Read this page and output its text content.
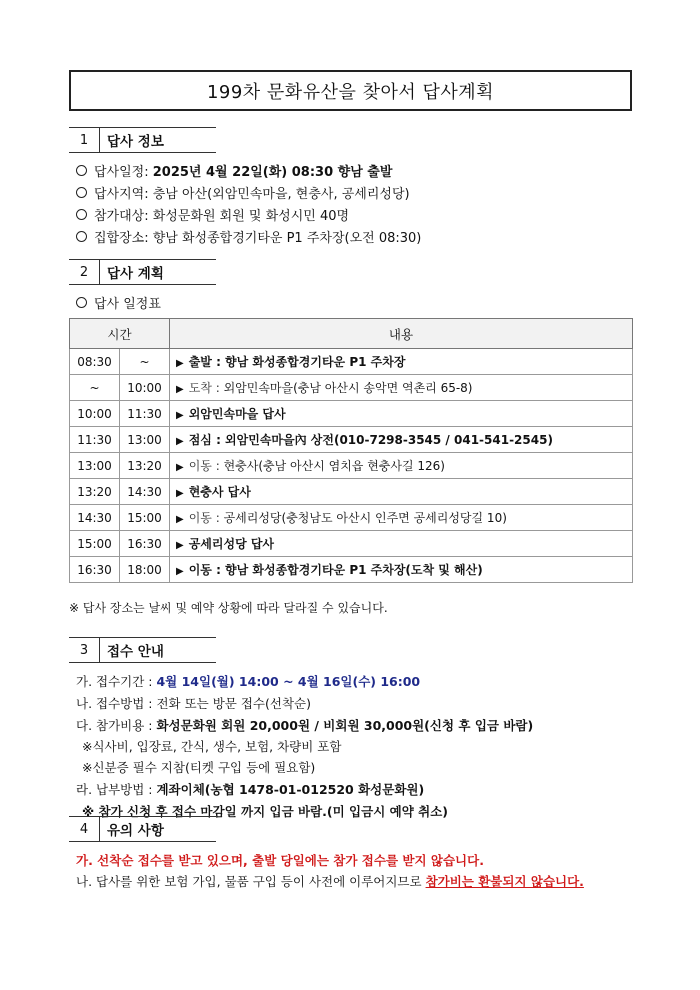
199차 문화유산을 찾아서 답사계획
1	답사 정보
답사일정: 2025년 4월 22일(화) 08:30 향남 출발
답사지역: 충남 아산(외암민속마을, 현충사, 공세리성당)
참가대상: 화성문화원 회원 및 화성시민 40명
집합장소: 향남 화성종합경기타운 P1 주차장(오전 08:30)
2	답사 계획
답사 일정표
시간		내용
08:30	~	▶ 출발 : 향남 화성종합경기타운 P1 주차장
~	10:00	▶ 도착 : 외암민속마을(충남 아산시 송악면 역촌리 65-8)
10:00	11:30	▶ 외암민속마을 답사
11:30	13:00	▶ 점심 : 외암민속마을內 상전(010-7298-3545 / 041-541-2545)
13:00	13:20	▶ 이동 : 현충사(충남 아산시 염치읍 현충사길 126)
13:20	14:30	▶ 현충사 답사
14:30	15:00	▶ 이동 : 공세리성당(충청남도 아산시 인주면 공세리성당길 10)
15:00	16:30	▶ 공세리성당 답사
16:30	18:00	▶ 이동 : 향남 화성종합경기타운 P1 주차장(도착 및 해산)
※ 답사 장소는 날씨 및 예약 상황에 따라 달라질 수 있습니다.
3	접수 안내
가. 접수기간 : 4월 14일(월) 14:00 ~ 4월 16일(수) 16:00
나. 접수방법 : 전화 또는 방문 접수(선착순)
다. 참가비용 : 화성문화원 회원 20,000원 / 비회원 30,000원(신청 후 입금 바람)
※식사비, 입장료, 간식, 생수, 보험, 차량비 포함
※신분증 필수 지참(티켓 구입 등에 필요함)
라. 납부방법 : 계좌이체(농협 1478-01-012520 화성문화원)
※ 참가 신청 후 접수 마감일 까지 입금 바람.(미 입금시 예약 취소)
4	유의 사항
가. 선착순 접수를 받고 있으며, 출발 당일에는 참가 접수를 받지 않습니다.
나. 답사를 위한 보험 가입, 물품 구입 등이 사전에 이루어지므로 참가비는 환불되지 않습니다.
